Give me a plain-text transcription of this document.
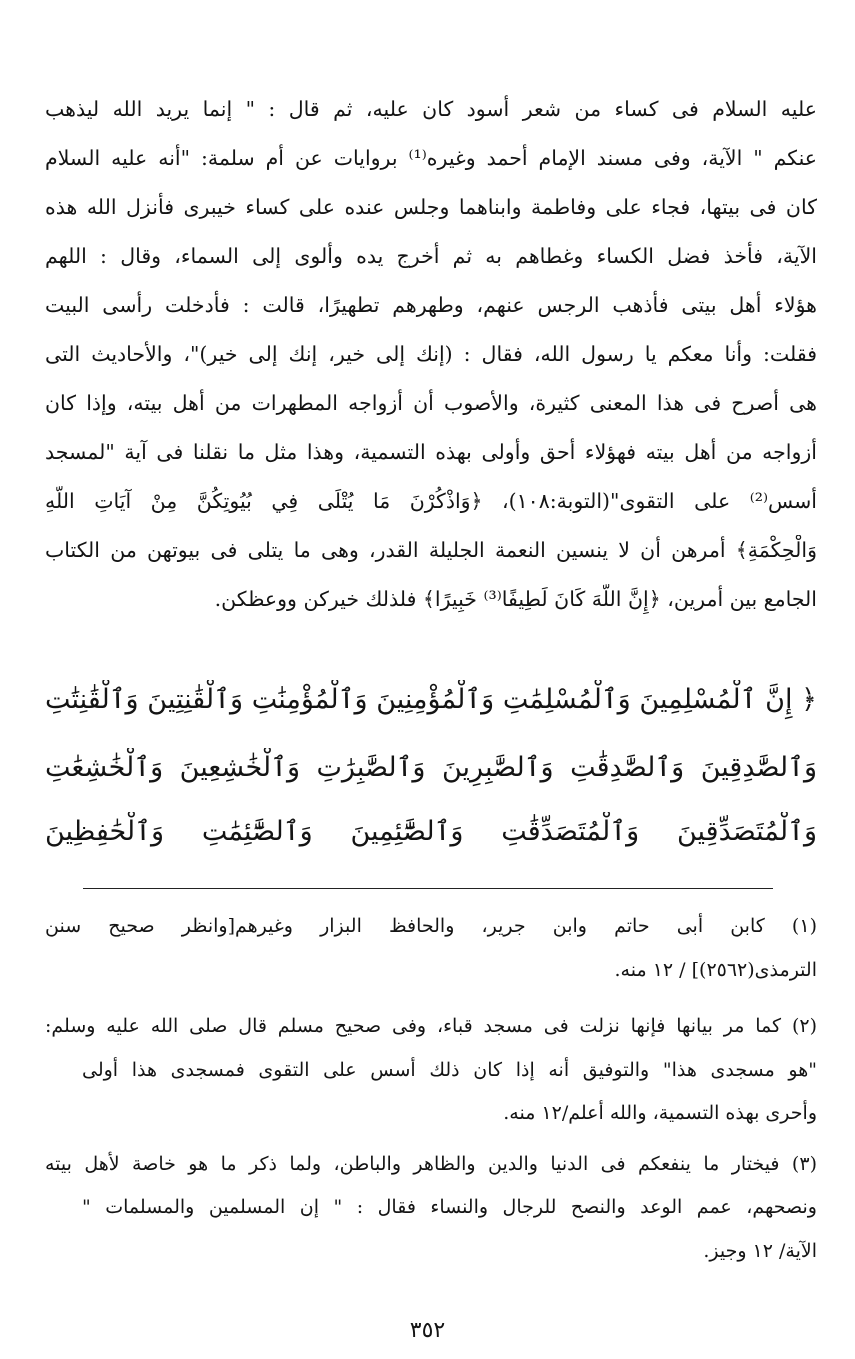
عليه السلام فى كساء من شعر أسود كان عليه، ثم قال : " إنما يريد الله ليذهب
عنكم " الآية، وفى مسند الإمام أحمد وغيره⁽¹⁾ بروايات عن أم سلمة: "أنه عليه السلام
كان فى بيتها، فجاء على وفاطمة وابناهما وجلس عنده على كساء خيبرى فأنزل الله هذه
الآية، فأخذ فضل الكساء وغطاهم به ثم أخرج يده وألوى إلى السماء، وقال : اللهم
هؤلاء أهل بيتى فأذهب الرجس عنهم، وطهرهم تطهيرًا، قالت : فأدخلت رأسى البيت
فقلت: وأنا معكم يا رسول الله، فقال : (إنك إلى خير، إنك إلى خير)"، والأحاديث التى
هى أصرح فى هذا المعنى كثيرة، والأصوب أن أزواجه المطهرات من أهل بيته، وإذا كان
أزواجه من أهل بيته فهؤلاء أحق وأولى بهذه التسمية، وهذا مثل ما نقلنا فى آية "لمسجد
أسس⁽²⁾ على التقوى"(التوبة:١٠٨)، ﴿وَاذْكُرْنَ مَا يُتْلَى فِي بُيُوتِكُنَّ مِنْ آيَاتِ اللَّهِ
وَالْحِكْمَةِ﴾ أمرهن أن لا ينسين النعمة الجليلة القدر، وهى ما يتلى فى بيوتهن من الكتاب
الجامع بين أمرين، ﴿إِنَّ اللَّهَ كَانَ لَطِيفًا⁽³⁾ خَبِيرًا﴾ فلذلك خيركن ووعظكن.
﴿ إِنَّ ٱلْمُسْلِمِينَ وَٱلْمُسْلِمَٰتِ وَٱلْمُؤْمِنِينَ وَٱلْمُؤْمِنَٰتِ وَٱلْقَٰنِتِينَ وَٱلْقَٰنِتَٰتِ
وَٱلصَّٰدِقِينَ وَٱلصَّٰدِقَٰتِ وَٱلصَّٰبِرِينَ وَٱلصَّٰبِرَٰتِ وَٱلْخَٰشِعِينَ وَٱلْخَٰشِعَٰتِ
وَٱلْمُتَصَدِّقِينَ وَٱلْمُتَصَدِّقَٰتِ وَٱلصَّٰٓئِمِينَ وَٱلصَّٰٓئِمَٰتِ وَٱلْحَٰفِظِينَ
(١) كابن أبى حاتم وابن جرير، والحافظ البزار وغيرهم[وانظر صحيح سنن
الترمذى(٢٥٦٢)] / ١٢ منه.
(٢) كما مر بيانها فإنها نزلت فى مسجد قباء، وفى صحيح مسلم قال صلى الله عليه وسلم:
"هو مسجدى هذا" والتوفيق أنه إذا كان ذلك أسس على التقوى فمسجدى هذا أولى
وأحرى بهذه التسمية، والله أعلم/١٢ منه.
(٣) فيختار ما ينفعكم فى الدنيا والدين والظاهر والباطن، ولما ذكر ما هو خاصة لأهل بيته
ونصحهم، عمم الوعد والنصح للرجال والنساء فقال : " إن المسلمين والمسلمات "
الآية/ ١٢ وجيز.
٣٥٢
